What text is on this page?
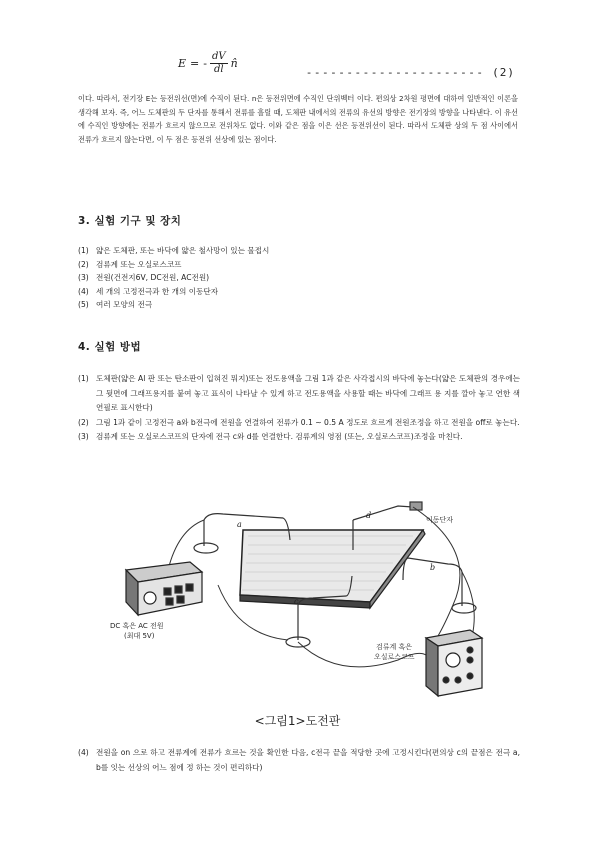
E = - $\frac{dV}{dl}$ n̂
---------------------- (2)
이다. 따라서, 전기장 E는 등전위선(면)에 수직이 된다. n은 등전위면에 수직인 단위벡터 이다. 편의상 2차원 평면에 대하여 일반적인 이론을 생각해 보자. 즉, 어느 도체판의 두 단자를 통해서 전류를 흘릴 때, 도체판 내에서의 전류의 유선의 방향은 전기장의 방향을 나타낸다. 이 유선에 수직인 방향에는 전류가 흐르지 않으므로 전위차도 없다. 이와 같은 점을 이은 선은 등전위선이 된다. 따라서 도체판 상의 두 점 사이에서 전류가 흐르지 않는다면, 이 두 점은 등전위 선상에 있는 점이다.
3. 실험 기구 및 장치
(1) 얇은 도체판, 또는 바닥에 얇은 철사망이 있는 물접시
(2) 검류계 또는 오실로스코프
(3) 전원(건전지6V, DC전원, AC전원)
(4) 세 개의 고정전극과 한 개의 이동단자
(5) 여러 모양의 전극
4. 실험 방법
(1) 도체판(얇은 Al 판 또는 탄소판이 입혀진 뭐지)또는 전도용액을 그림 1과 같은 사각접시의 바닥에 놓는다(얇은 도체판의 경우에는 그 뒷면에 그래프용지를 붙여 놓고 표식이 나타날 수 있게 하고 전도용액을 사용할 때는 바닥에 그래프 용 지를 깔아 놓고 연한 색연필로 표시한다)
(2) 그림 1과 같이 고정전극 a와 b전극에 전원을 연결하여 전류가 0.1 ~ 0.5 A 정도로 흐르게 전원조정을 하고 전원을 off로 놓는다.
(3) 검류계 또는 오실로스코프의 단자에 전극 c와 d를 연결한다. 검류계의 영점 (또는, 오실로스코프)조정을 마친다.
a
b
c
d	이동단자
DC 혹은 AC 전원
(최대 5V)
검류계 혹은
오실로스코프
<그림1>도전판
(4) 전원을 on 으로 하고 전류계에 전류가 흐르는 것을 확인한 다음, c전극 끝을 적당한 곳에 고정시킨다(편의상 c의 끝점은 전극 a, b를 잇는 선상의 어느 점에 정 하는 것이 편리하다)
